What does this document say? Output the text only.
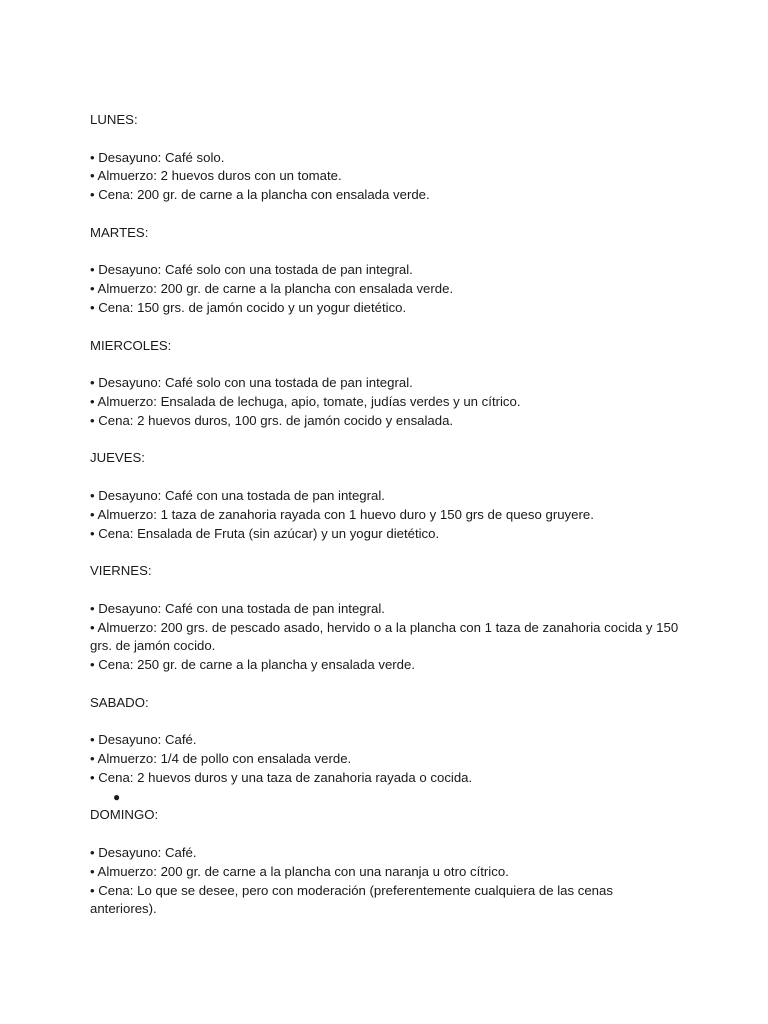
LUNES:

• Desayuno: Café solo.
• Almuerzo: 2 huevos duros con un tomate.
• Cena: 200 gr. de carne a la plancha con ensalada verde.

MARTES:

• Desayuno: Café solo con una tostada de pan integral.
• Almuerzo: 200 gr. de carne a la plancha con ensalada verde.
• Cena: 150 grs. de jamón cocido y un yogur dietético.

MIERCOLES:

• Desayuno: Café solo con una tostada de pan integral.
• Almuerzo: Ensalada de lechuga, apio, tomate, judías verdes y un cítrico.
• Cena: 2 huevos duros, 100 grs. de jamón cocido y ensalada.

JUEVES:

• Desayuno: Café con una tostada de pan integral.
• Almuerzo: 1 taza de zanahoria rayada con 1 huevo duro y 150 grs de queso gruyere.
• Cena: Ensalada de Fruta (sin azúcar) y un yogur dietético.

VIERNES:

• Desayuno: Café con una tostada de pan integral.
• Almuerzo: 200 grs. de pescado asado, hervido o a la plancha con 1 taza de zanahoria cocida y 150 grs. de jamón cocido.
• Cena: 250 gr. de carne a la plancha y ensalada verde.

SABADO:

• Desayuno: Café.
• Almuerzo: 1/4 de pollo con ensalada verde.
• Cena: 2 huevos duros y una taza de zanahoria rayada o cocida.
●

DOMINGO:

• Desayuno: Café.
• Almuerzo: 200 gr. de carne a la plancha con una naranja u otro cítrico.
• Cena: Lo que se desee, pero con moderación (preferentemente cualquiera de las cenas anteriores).
